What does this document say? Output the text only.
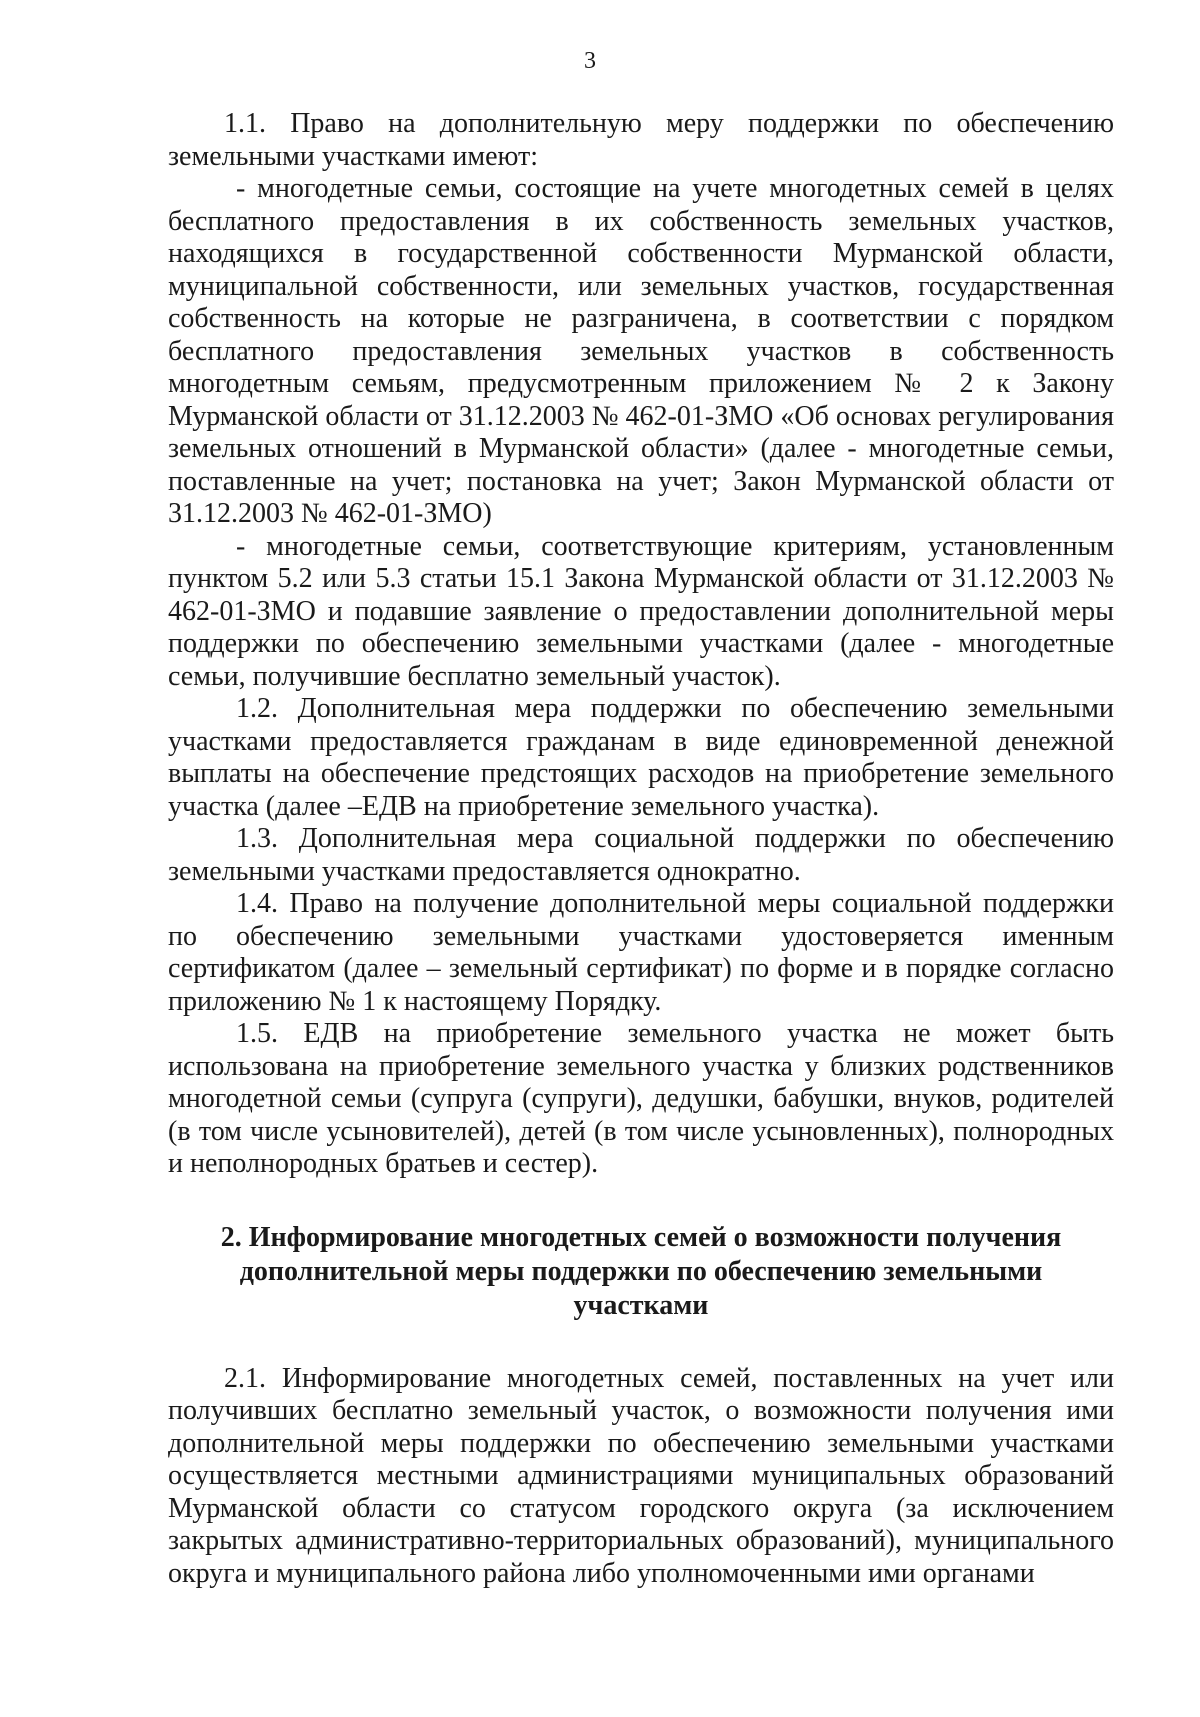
3

1.1. Право на дополнительную меру поддержки по обеспечению земельными участками имеют:

- многодетные семьи, состоящие на учете многодетных семей в целях бесплатного предоставления в их собственность земельных участков, находящихся в государственной собственности Мурманской области, муниципальной собственности, или земельных участков, государственная собственность на которые не разграничена, в соответствии с порядком бесплатного предоставления земельных участков в собственность многодетным семьям, предусмотренным приложением № 2 к Закону Мурманской области от 31.12.2003 № 462-01-ЗМО «Об основах регулирования земельных отношений в Мурманской области» (далее - многодетные семьи, поставленные на учет; постановка на учет; Закон Мурманской области от 31.12.2003 № 462-01-ЗМО)

- многодетные семьи, соответствующие критериям, установленным пунктом 5.2 или 5.3 статьи 15.1 Закона Мурманской области от 31.12.2003 № 462-01-ЗМО и подавшие заявление о предоставлении дополнительной меры поддержки по обеспечению земельными участками (далее - многодетные семьи, получившие бесплатно земельный участок).

1.2. Дополнительная мера поддержки по обеспечению земельными участками предоставляется гражданам в виде единовременной денежной выплаты на обеспечение предстоящих расходов на приобретение земельного участка (далее –ЕДВ на приобретение земельного участка).

1.3. Дополнительная мера социальной поддержки по обеспечению земельными участками предоставляется однократно.

1.4. Право на получение дополнительной меры социальной поддержки по обеспечению земельными участками удостоверяется именным сертификатом (далее – земельный сертификат) по форме и в порядке согласно приложению № 1 к настоящему Порядку.

1.5. ЕДВ на приобретение земельного участка не может быть использована на приобретение земельного участка у близких родственников многодетной семьи (супруга (супруги), дедушки, бабушки, внуков, родителей (в том числе усыновителей), детей (в том числе усыновленных), полнородных и неполнородных братьев и сестер).

2. Информирование многодетных семей о возможности получения дополнительной меры поддержки по обеспечению земельными участками

2.1. Информирование многодетных семей, поставленных на учет или получивших бесплатно земельный участок, о возможности получения ими дополнительной меры поддержки по обеспечению земельными участками осуществляется местными администрациями муниципальных образований Мурманской области со статусом городского округа (за исключением закрытых административно-территориальных образований), муниципального округа и муниципального района либо уполномоченными ими органами
